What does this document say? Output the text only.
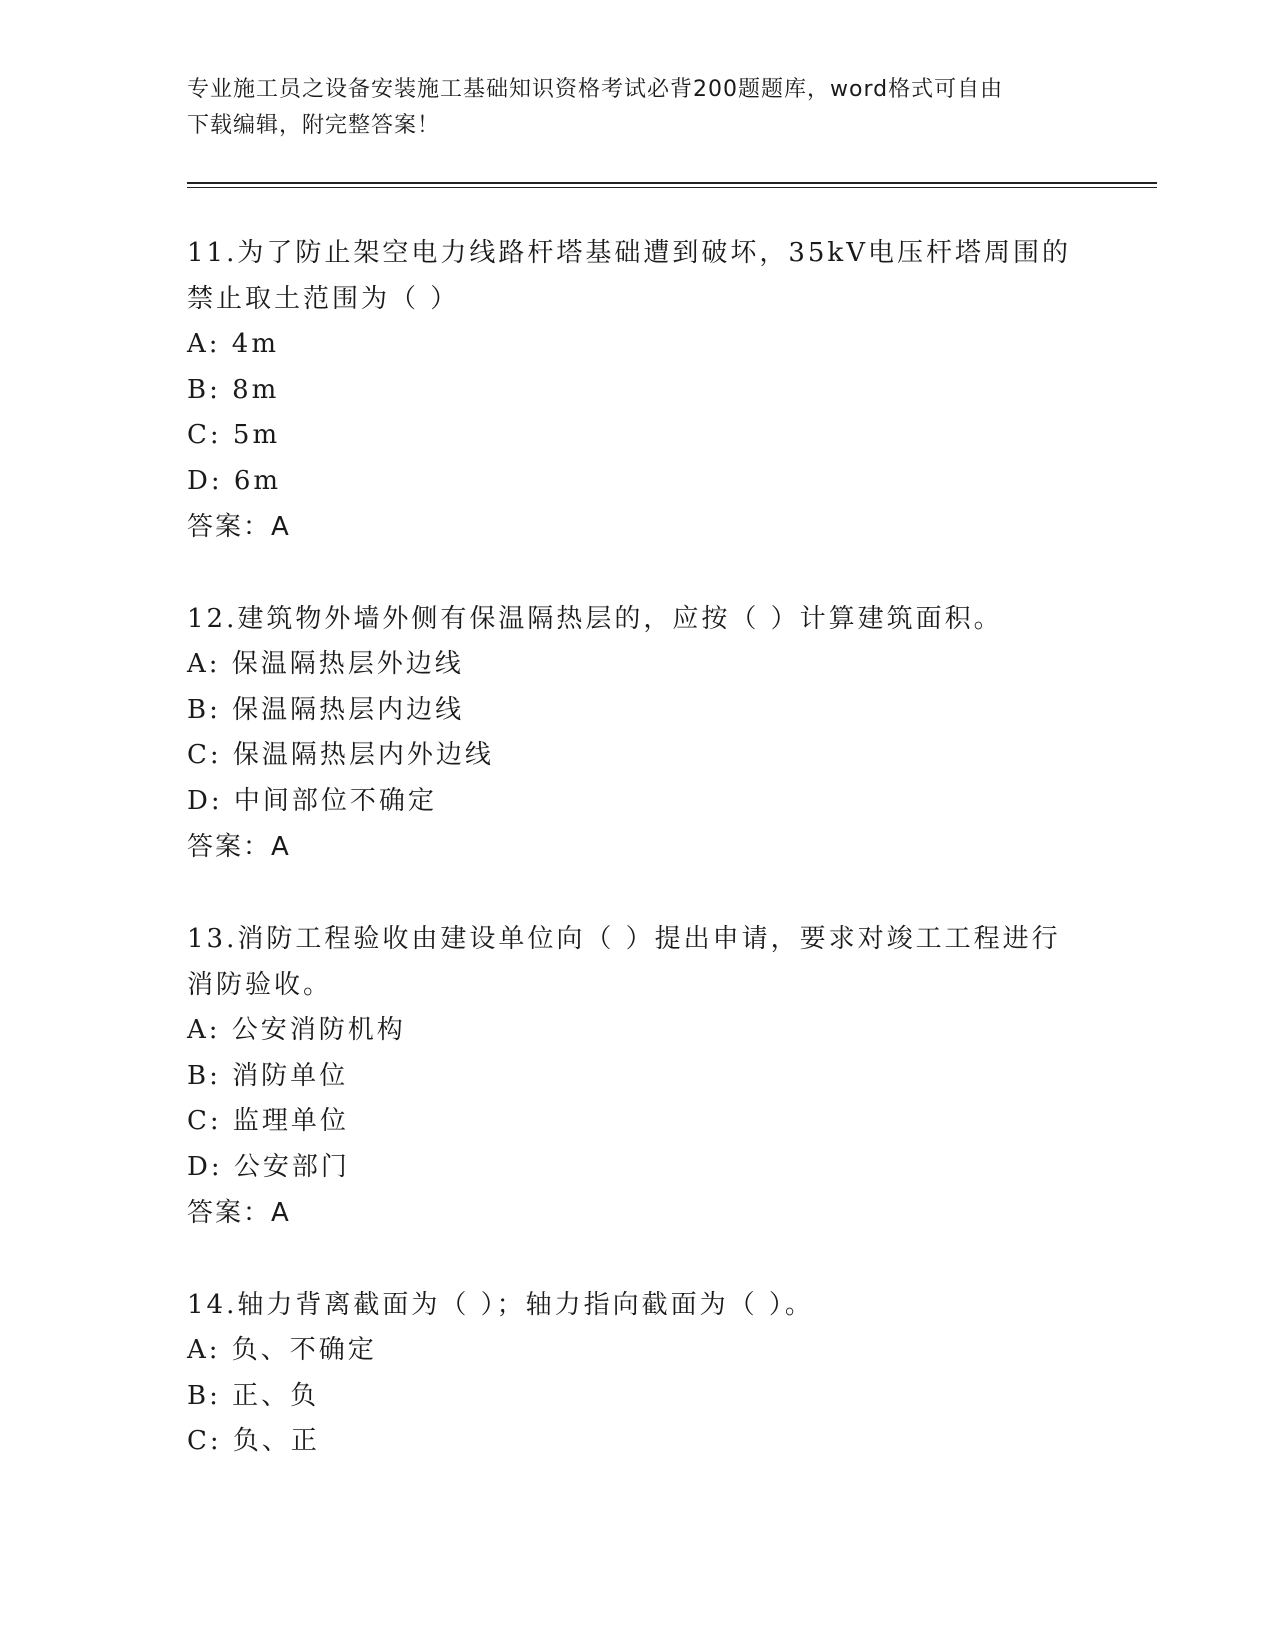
专业施工员之设备安装施工基础知识资格考试必背200题题库，word格式可自由
下载编辑，附完整答案！
11.为了防止架空电力线路杆塔基础遭到破坏，35kV电压杆塔周围的禁止取土范围为（ ）
A: 4m
B: 8m
C: 5m
D: 6m
答案：A
12.建筑物外墙外侧有保温隔热层的，应按（ ）计算建筑面积。
A: 保温隔热层外边线
B: 保温隔热层内边线
C: 保温隔热层内外边线
D: 中间部位不确定
答案：A
13.消防工程验收由建设单位向（ ）提出申请，要求对竣工工程进行消防验收。
A: 公安消防机构
B: 消防单位
C: 监理单位
D: 公安部门
答案：A
14.轴力背离截面为（ ）；轴力指向截面为（ ）。
A: 负、不确定
B: 正、负
C: 负、正
